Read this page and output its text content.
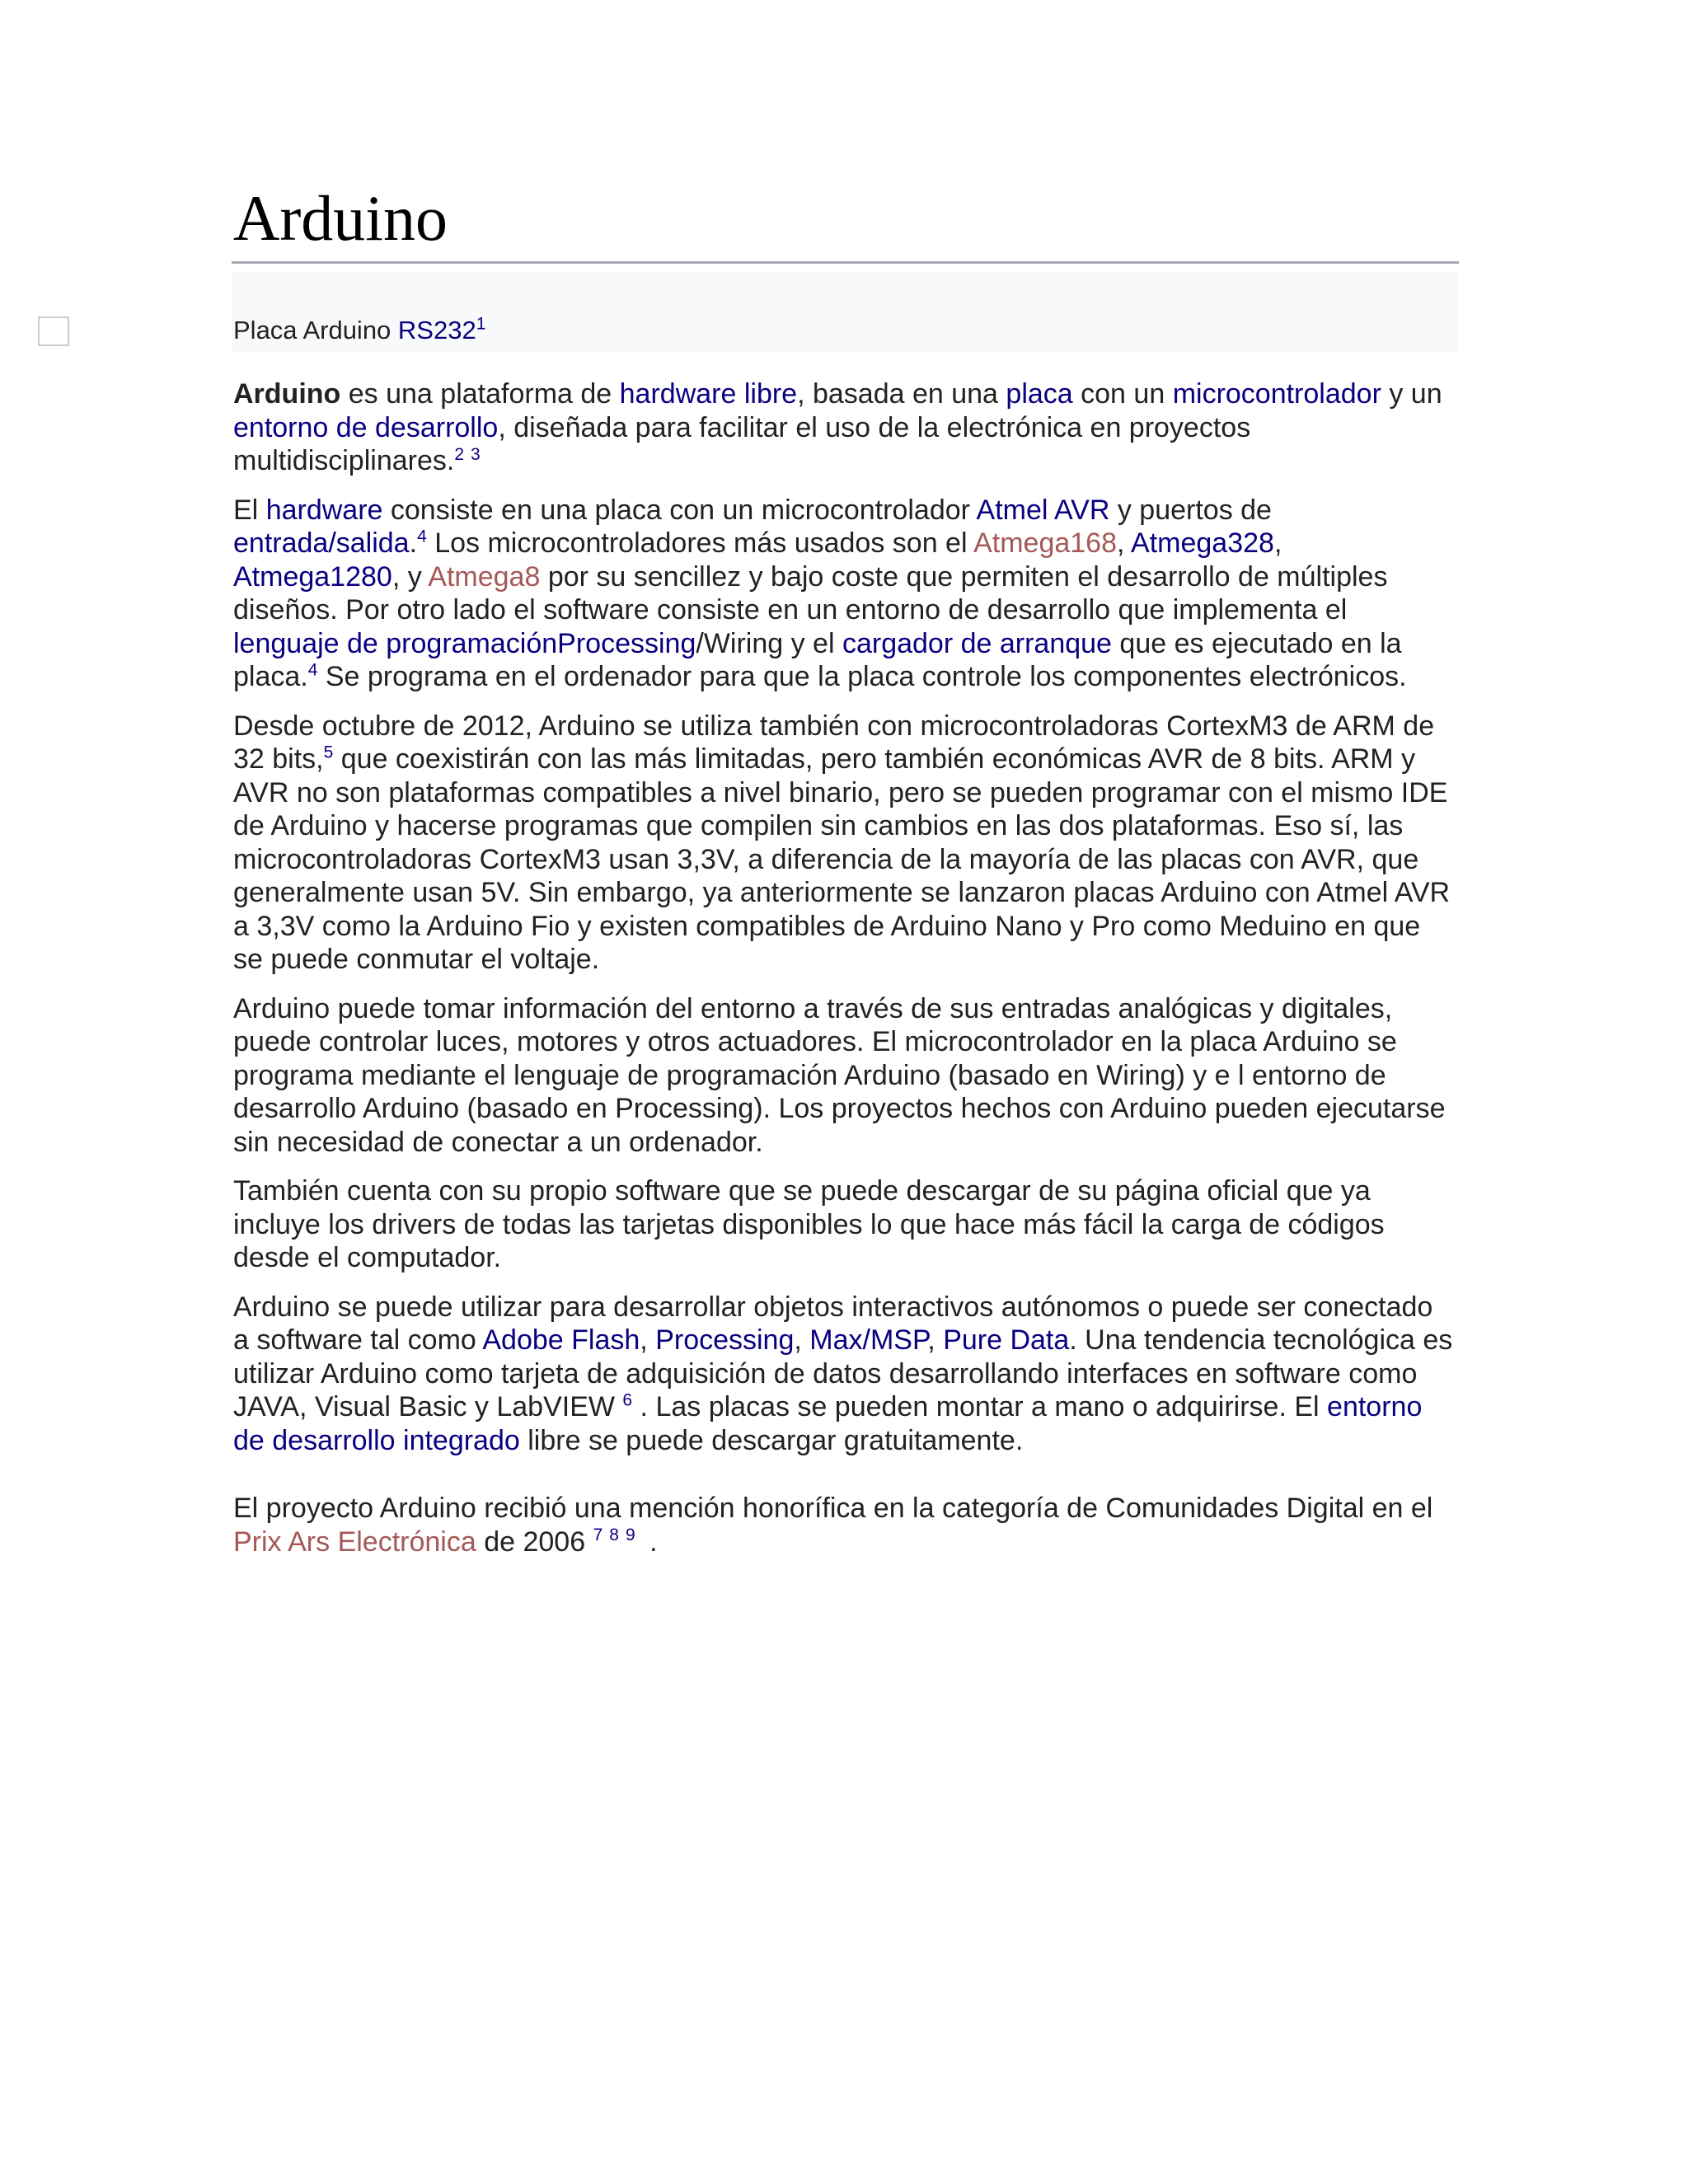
Arduino
Placa Arduino RS232$^1$

Arduino es una plataforma de hardware libre, basada en una placa con un microcontrolador y un entorno de desarrollo, diseñada para facilitar el uso de la electrónica en proyectos multidisciplinares.$^{2 3}$

El hardware consiste en una placa con un microcontrolador Atmel AVR y puertos de entrada/salida.$^4$ Los microcontroladores más usados son el Atmega168, Atmega328, Atmega1280, y Atmega8 por su sencillez y bajo coste que permiten el desarrollo de múltiples diseños. Por otro lado el software consiste en un entorno de desarrollo que implementa el lenguaje de programaciónProcessing/Wiring y el cargador de arranque que es ejecutado en la placa.$^4$ Se programa en el ordenador para que la placa controle los componentes electrónicos.

Desde octubre de 2012, Arduino se utiliza también con microcontroladoras CortexM3 de ARM de 32 bits,$^5$ que coexistirán con las más limitadas, pero también económicas AVR de 8 bits. ARM y AVR no son plataformas compatibles a nivel binario, pero se pueden programar con el mismo IDE de Arduino y hacerse programas que compilen sin cambios en las dos plataformas. Eso sí, las microcontroladoras CortexM3 usan 3,3V, a diferencia de la mayoría de las placas con AVR, que generalmente usan 5V. Sin embargo, ya anteriormente se lanzaron placas Arduino con Atmel AVR a 3,3V como la Arduino Fio y existen compatibles de Arduino Nano y Pro como Meduino en que se puede conmutar el voltaje.

Arduino puede tomar información del entorno a través de sus entradas analógicas y digitales, puede controlar luces, motores y otros actuadores. El microcontrolador en la placa Arduino se programa mediante el lenguaje de programación Arduino (basado en Wiring) y e l entorno de desarrollo Arduino (basado en Processing). Los proyectos hechos con Arduino pueden ejecutarse sin necesidad de conectar a un ordenador.

También cuenta con su propio software que se puede descargar de su página oficial que ya incluye los drivers de todas las tarjetas disponibles lo que hace más fácil la carga de códigos desde el computador.

Arduino se puede utilizar para desarrollar objetos interactivos autónomos o puede ser conectado a software tal como Adobe Flash, Processing, Max/MSP, Pure Data. Una tendencia tecnológica es utilizar Arduino como tarjeta de adquisición de datos desarrollando interfaces en software como JAVA, Visual Basic y LabVIEW $^6$ . Las placas se pueden montar a mano o adquirirse. El entorno de desarrollo integrado libre se puede descargar gratuitamente.

El proyecto Arduino recibió una mención honorífica en la categoría de Comunidades Digital en el Prix Ars Electrónica de 2006 $^{7 8 9}$ .
